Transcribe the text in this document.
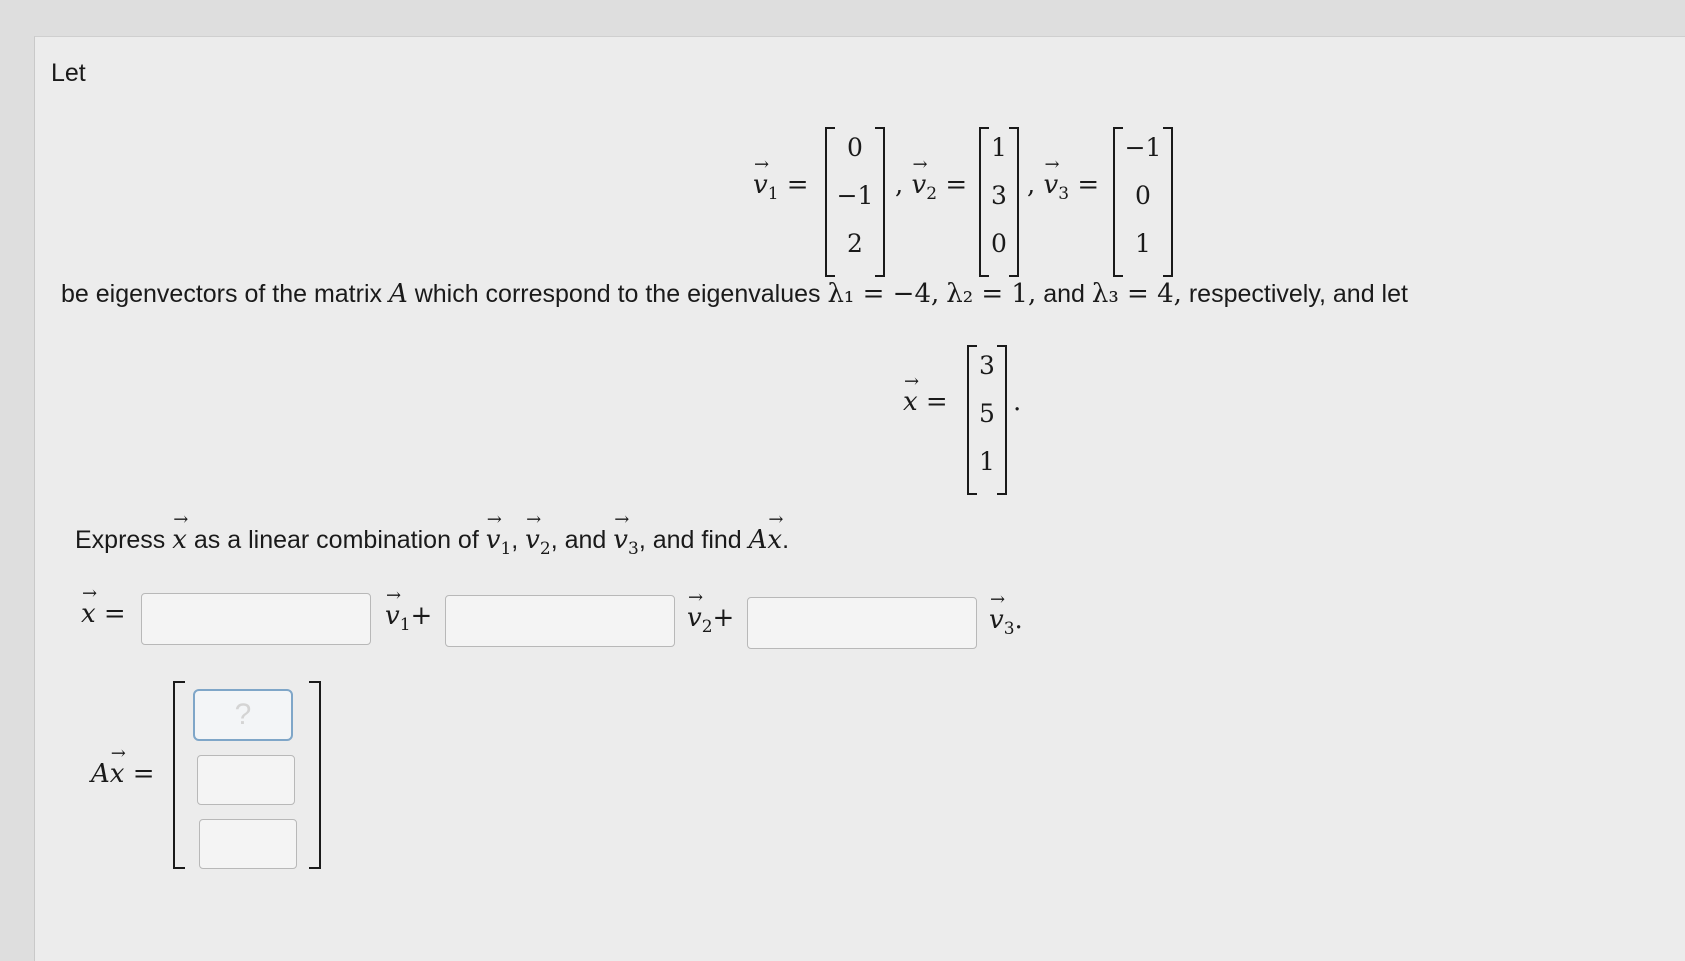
Let
→ $v_1$ =
0
−1
2
, → $v_2$ =
1
3
0
, → $v_3$ =
−1
0
1
be eigenvectors of the matrix A which correspond to the eigenvalues λ₁ = −4, λ₂ = 1, and λ₃ = 4, respectively, and let
→ x =
3
5
1
.
Express → x as a linear combination of → $v_1$, → $v_2$, and → $v_3$, and find A→ x.
→ x =	→ $v_1+$	→ $v_2+$	→ $v_3$.
A→ x =
?
